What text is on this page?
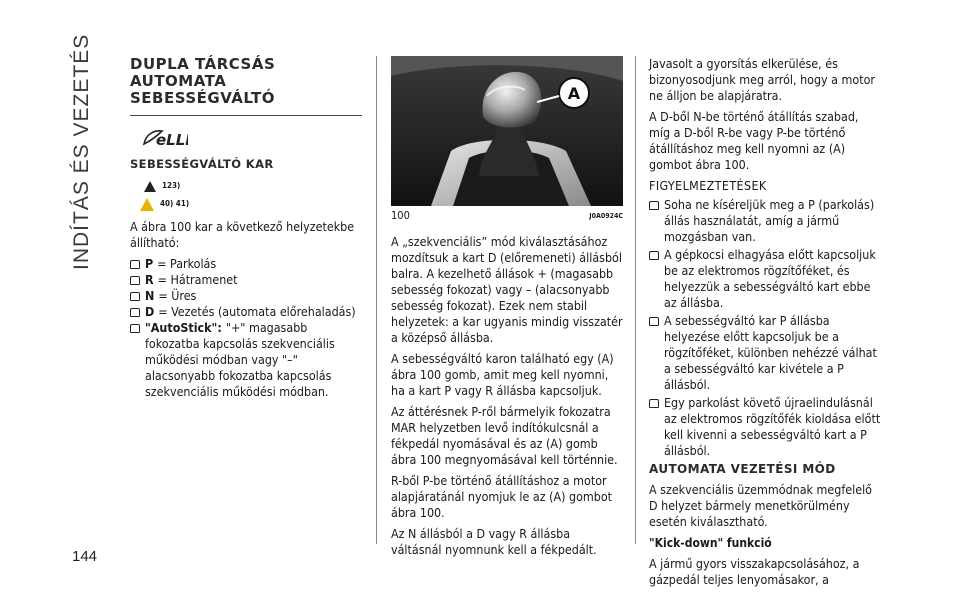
INDÍTÁS ÉS VEZETÉS
144

DUPLA TÁRCSÁS AUTOMATA SEBESSÉGVÁLTÓ

eLLI

SEBESSÉGVÁLTÓ KAR

123)
40) 41)

A ábra 100 kar a következő helyzetekbe állítható:

P = Parkolás
R = Hátramenet
N = Üres
D = Vezetés (automata előrehaladás)
"AutoStick": "+" magasabb fokozatba kapcsolás szekvenciális működési módban vagy "–" alacsonyabb fokozatba kapcsolás szekvenciális működési módban.
A
100	J0A0924C

A „szekvenciális” mód kiválasztásához mozdítsuk a kart D (előremeneti) állásból balra. A kezelhető állások + (magasabb sebesség fokozat) vagy – (alacsonyabb sebesség fokozat). Ezek nem stabil helyzetek: a kar ugyanis mindig visszatér a középső állásba.

A sebességváltó karon található egy (A) ábra 100 gomb, amit meg kell nyomni, ha a kart P vagy R állásba kapcsoljuk.

Az áttérésnek P-ről bármelyik fokozatra MAR helyzetben levő indítókulcsnál a fékpedál nyomásával és az (A) gomb ábra 100 megnyomásával kell történnie.

R-ből P-be történő átállításhoz a motor alapjáratánál nyomjuk le az (A) gombot ábra 100.

Az N állásból a D vagy R állásba váltásnál nyomnunk kell a fékpedált.

Javasolt a gyorsítás elkerülése, és bizonyosodjunk meg arról, hogy a motor ne álljon be alapjáratra.

A D-ből N-be történő átállítás szabad, míg a D-ből R-be vagy P-be történő átállításhoz meg kell nyomni az (A) gombot ábra 100.

FIGYELMEZTETÉSEK

Soha ne kíséreljük meg a P (parkolás) állás használatát, amíg a jármű mozgásban van.
A gépkocsi elhagyása előtt kapcsoljuk be az elektromos rögzítőféket, és helyezzük a sebességváltó kart ebbe az állásba.
A sebességváltó kar P állásba helyezése előtt kapcsoljuk be a rögzítőféket, különben nehézzé válhat a sebességváltó kar kivétele a P állásból.
Egy parkolást követő újraelindulásnál az elektromos rögzítőfék kioldása előtt kell kivenni a sebességváltó kart a P állásból.

AUTOMATA VEZETÉSI MÓD

A szekvenciális üzemmódnak megfelelő D helyzet bármely menetkörülmény esetén kiválasztható.

"Kick-down" funkció

A jármű gyors visszakapcsolásához, a gázpedál teljes lenyomásakor, a
